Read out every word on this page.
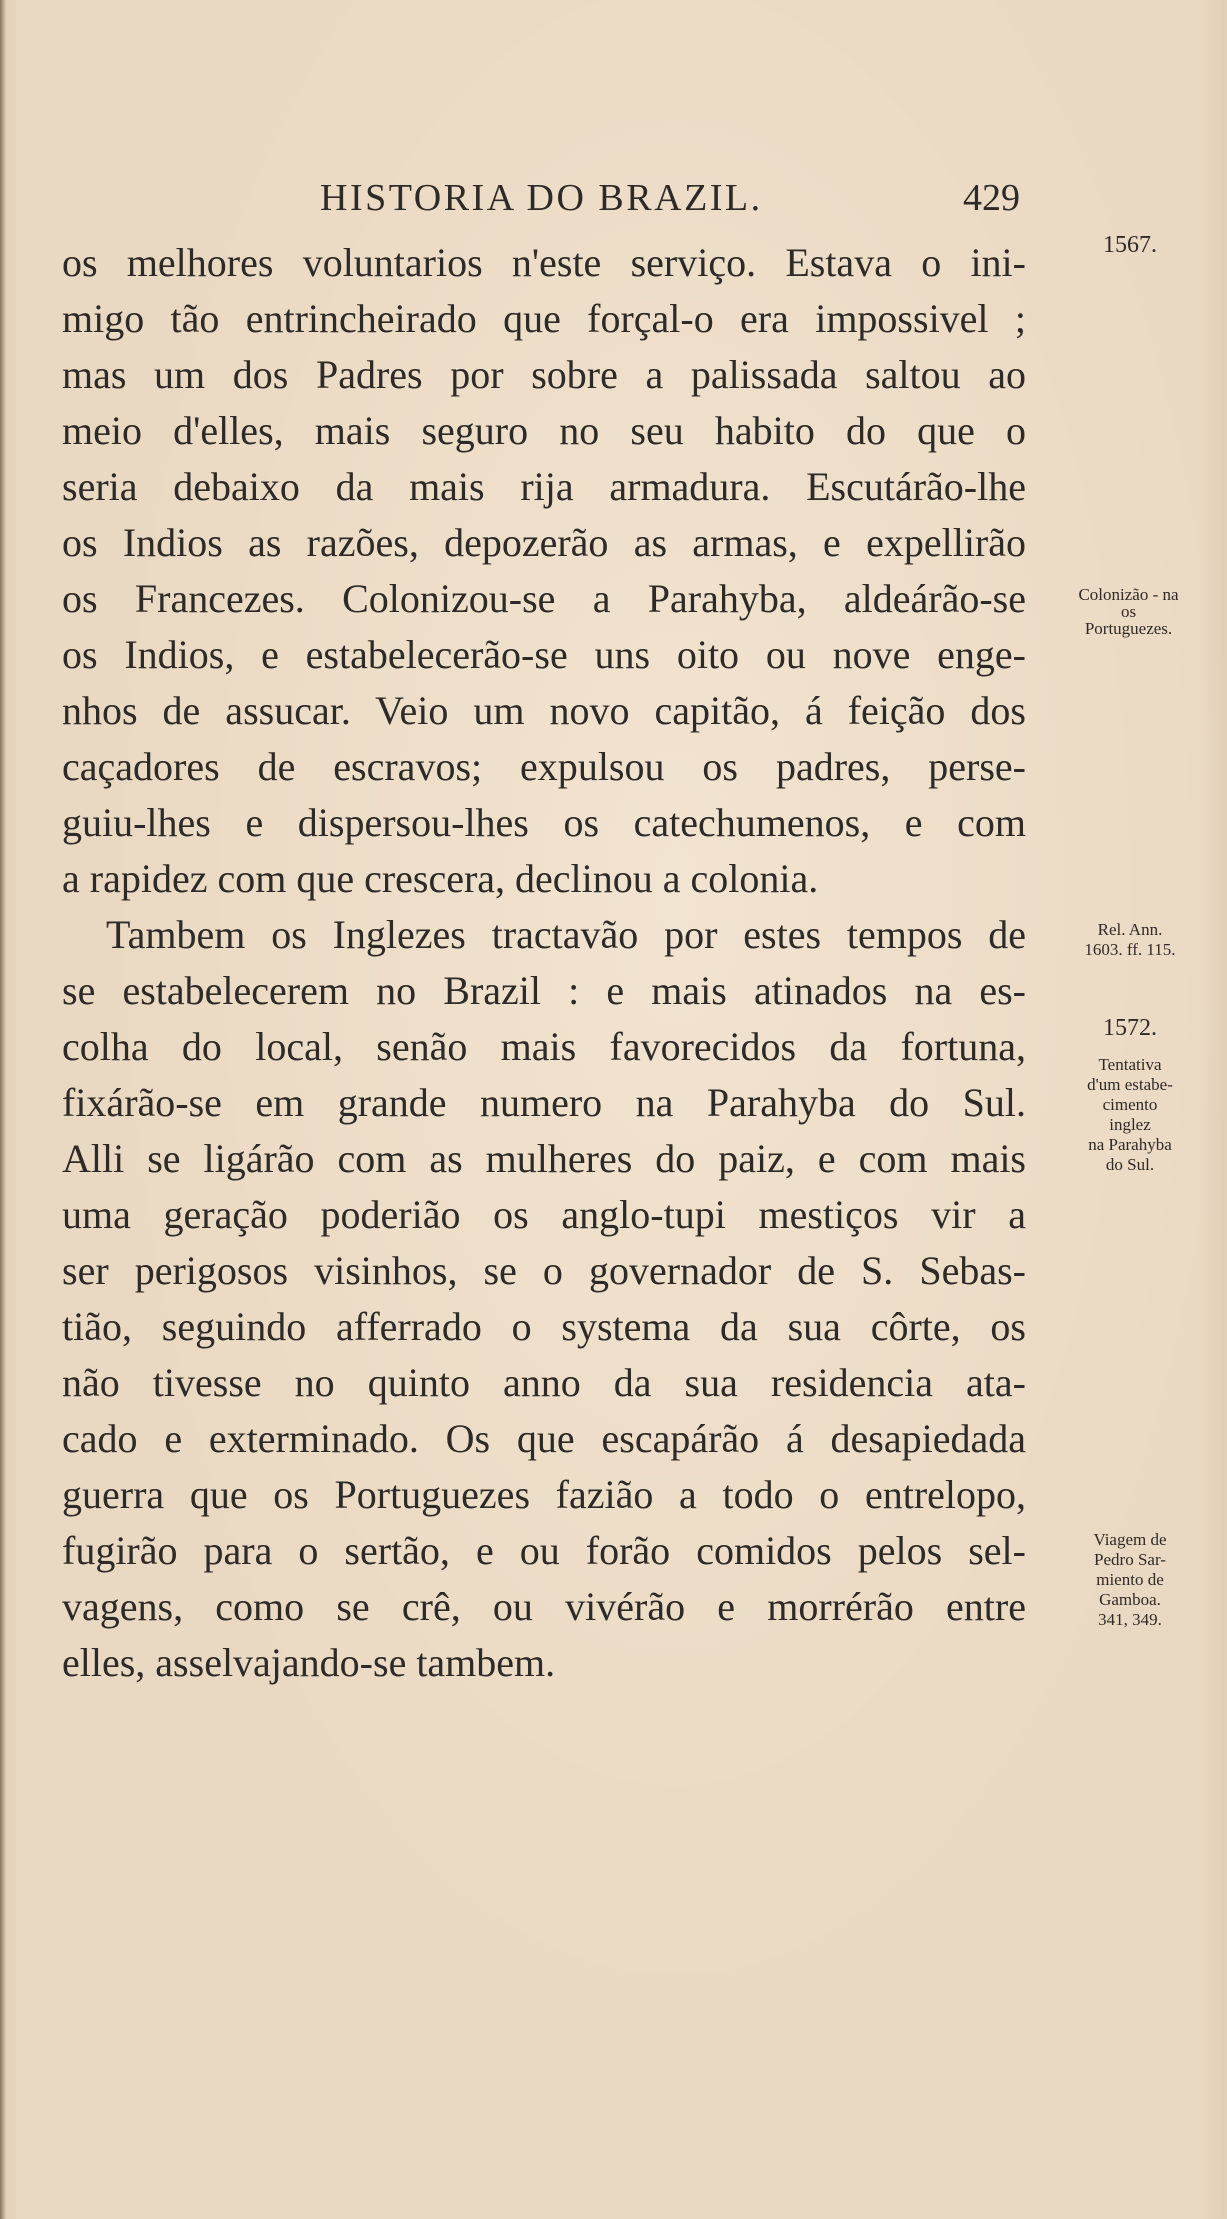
HISTORIA DO BRAZIL.	429
os melhores voluntarios n'este serviço. Estava o ini-
migo tão entrincheirado que forçal-o era impossivel ;
mas um dos Padres por sobre a palissada saltou ao
meio d'elles, mais seguro no seu habito do que o
seria debaixo da mais rija armadura. Escutárão-lhe
os Indios as razões, depozerão as armas, e expellirão
os Francezes. Colonizou-se a Parahyba, aldeárão-se
os Indios, e estabelecerão-se uns oito ou nove enge-
nhos de assucar. Veio um novo capitão, á feição dos
caçadores de escravos; expulsou os padres, perse-
guiu-lhes e dispersou-lhes os catechumenos, e com
a rapidez com que crescera, declinou a colonia.
Tambem os Inglezes tractavão por estes tempos de
se estabelecerem no Brazil : e mais atinados na es-
colha do local, senão mais favorecidos da fortuna,
fixárão-se em grande numero na Parahyba do Sul.
Alli se ligárão com as mulheres do paiz, e com mais
uma geração poderião os anglo-tupi mestiços vir a
ser perigosos visinhos, se o governador de S. Sebas-
tião, seguindo afferrado o systema da sua côrte, os
não tivesse no quinto anno da sua residencia ata-
cado e exterminado. Os que escapárão á desapiedada
guerra que os Portuguezes fazião a todo o entrelopo,
fugirão para o sertão, e ou forão comidos pelos sel-
vagens, como se crê, ou vivérão e morrérão entre
elles, asselvajando-se tambem.
1567.
Colonizão - na
os
Portuguezes.
Rel. Ann.
1603. ff. 115.
1572.
Tentativa
d'um estabe-
cimento
inglez
na Parahyba
do Sul.
Viagem de
Pedro Sar-
miento de
Gamboa.
341, 349.
